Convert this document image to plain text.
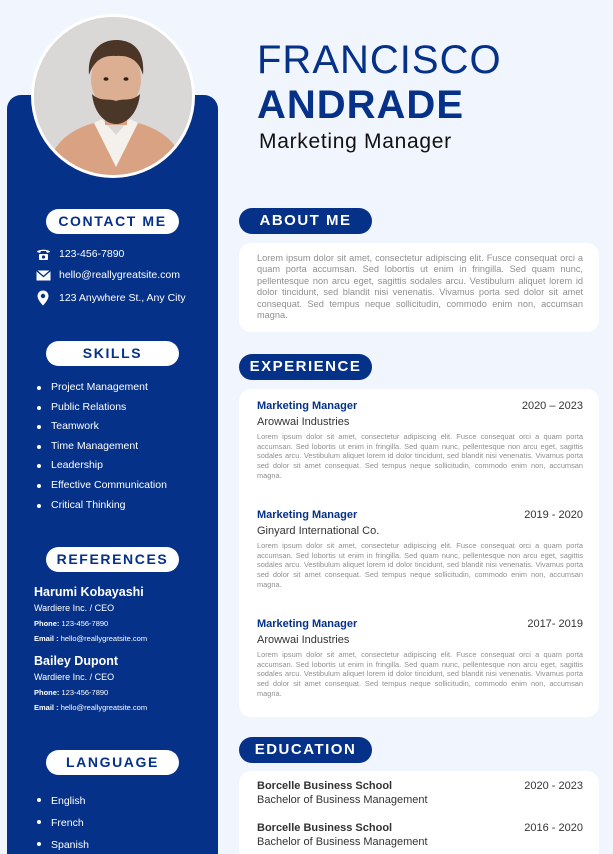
FRANCISCO
ANDRADE
Marketing Manager
CONTACT ME
123-456-7890
hello@reallygreatsite.com
123 Anywhere St., Any City
SKILLS
Project Management
Public Relations
Teamwork
Time Management
Leadership
Effective Communication
Critical Thinking
REFERENCES
Harumi Kobayashi
Wardiere Inc. / CEO
Phone: 123-456-7890
Email : hello@reallygreatsite.com
Bailey Dupont
Wardiere Inc. / CEO
Phone: 123-456-7890
Email : hello@reallygreatsite.com
LANGUAGE
English
French
Spanish
ABOUT ME
Lorem ipsum dolor sit amet, consectetur adipiscing elit. Fusce consequat orci a quam porta accumsan. Sed lobortis ut enim in fringilla. Sed quam nunc, pellentesque non arcu eget, sagittis sodales arcu. Vestibulum aliquet lorem id dolor tincidunt, sed blandit nisi venenatis. Vivamus porta sed dolor sit amet consequat. Sed tempus neque sollicitudin, commodo enim non, accumsan magna.
EXPERIENCE
Marketing Manager	2020 – 2023
Arowwai Industries
Lorem ipsum dolor sit amet, consectetur adipiscing elit. Fusce consequat orci a quam porta accumsan. Sed lobortis ut enim in fringilla. Sed quam nunc, pellentesque non arcu eget, sagittis sodales arcu. Vestibulum aliquet lorem id dolor tincidunt, sed blandit nisi venenatis. Vivamus porta sed dolor sit amet consequat. Sed tempus neque sollicitudin, commodo enim non, accumsan magna.
Marketing Manager	2019 - 2020
Ginyard International Co.
Lorem ipsum dolor sit amet, consectetur adipiscing elit. Fusce consequat orci a quam porta accumsan. Sed lobortis ut enim in fringilla. Sed quam nunc, pellentesque non arcu eget, sagittis sodales arcu. Vestibulum aliquet lorem id dolor tincidunt, sed blandit nisi venenatis. Vivamus porta sed dolor sit amet consequat. Sed tempus neque sollicitudin, commodo enim non, accumsan magna.
Marketing Manager	2017- 2019
Arowwai Industries
Lorem ipsum dolor sit amet, consectetur adipiscing elit. Fusce consequat orci a quam porta accumsan. Sed lobortis ut enim in fringilla. Sed quam nunc, pellentesque non arcu eget, sagittis sodales arcu. Vestibulum aliquet lorem id dolor tincidunt, sed blandit nisi venenatis. Vivamus porta sed dolor sit amet consequat. Sed tempus neque sollicitudin, commodo enim non, accumsan magna.
EDUCATION
Borcelle Business School	2020 - 2023
Bachelor of Business Management
Borcelle Business School	2016 - 2020
Bachelor of Business Management
